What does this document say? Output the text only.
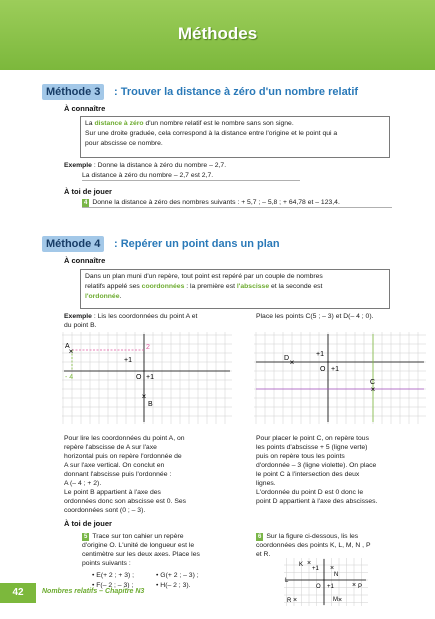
Méthodes
Méthode 3	: Trouver la distance à zéro d'un nombre relatif
À connaître
La distance à zéro d'un nombre relatif est le nombre sans son signe.
Sur une droite graduée, cela correspond à la distance entre l'origine et le point qui a
pour abscisse ce nombre.
Exemple : Donne la distance à zéro du nombre – 2,7.
La distance à zéro du nombre – 2,7 est 2,7.
À toi de jouer
4 Donne la distance à zéro des nombres suivants : + 5,7 ; – 5,8 ; + 64,78 et – 123,4.
Méthode 4	: Repérer un point dans un plan
À connaître
Dans un plan muni d'un repère, tout point est repéré par un couple de nombres
relatifs appelé ses coordonnées : la première est l'abscisse et la seconde est
l'ordonnée.
Exemple : Lis les coordonnées du point A et
du point B.
Place les points C(5 ; – 3) et D(– 4 ; 0).
×
A	2
- 4	O +1
+1
×
B
×
D
O +1
+1
×
C
Pour lire les coordonnées du point A, on
repère l'abscisse de A sur l'axe
horizontal puis on repère l'ordonnée de
A sur l'axe vertical. On conclut en
donnant l'abscisse puis l'ordonnée :
A (– 4 ; + 2).
Le point B appartient à l'axe des
ordonnées donc son abscisse est 0. Ses
coordonnées sont (0 ; – 3).
Pour placer le point C, on repère tous
les points d'abscisse + 5 (ligne verte)
puis on repère tous les points
d'ordonnée – 3 (ligne violette). On place
le point C à l'intersection des deux
lignes.
L'ordonnée du point D est 0 donc le
point D appartient à l'axe des abscisses.
À toi de jouer
5 Trace sur ton cahier un repère
d'origine O. L'unité de longueur est le
centimètre sur les deux axes. Place les
points suivants :
• E(+ 2 ; + 3) ;	• G(+ 2 ; – 3) ;
• F(– 2 ; – 3) ;	• H(– 2 ; 3).
6 Sur la figure ci-dessous, lis les
coordonnées des points K, L, M, N , P
et R.
×
K	×
N
L
O +1
+1
× P
×
R	×
M
42	Nombres relatifs – Chapitre N3
